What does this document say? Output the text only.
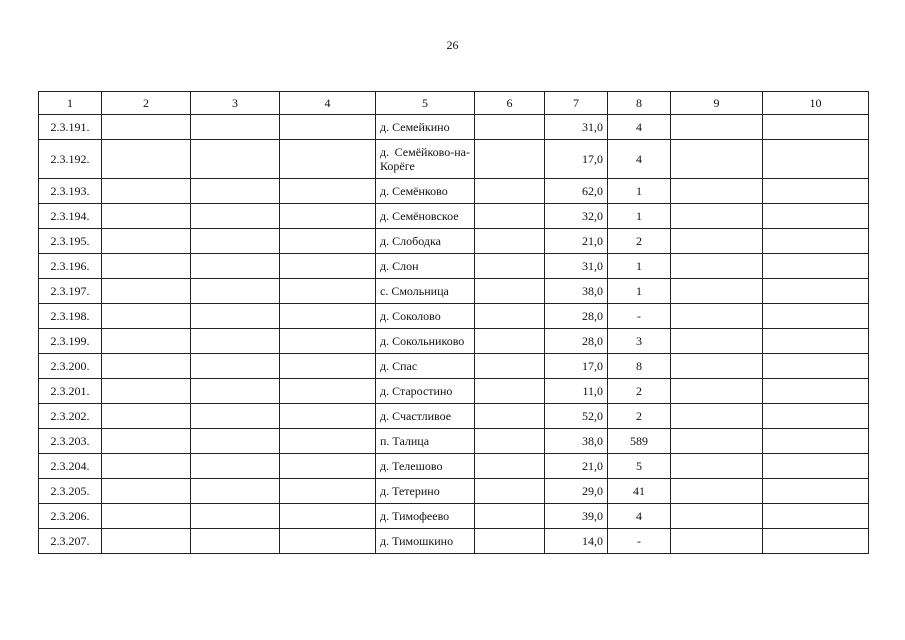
26
1	2	3	4	5	6	7	8	9	10
2.3.191.				д. Семейкино		31,0	4		
2.3.192.				д. Семёйково-на-Корёге		17,0	4		
2.3.193.				д. Семёнково		62,0	1		
2.3.194.				д. Семёновское		32,0	1		
2.3.195.				д. Слободка		21,0	2		
2.3.196.				д. Слон		31,0	1		
2.3.197.				с. Смольница		38,0	1		
2.3.198.				д. Соколово		28,0	-		
2.3.199.				д. Сокольниково		28,0	3		
2.3.200.				д. Спас		17,0	8		
2.3.201.				д. Старостино		11,0	2		
2.3.202.				д. Счастливое		52,0	2		
2.3.203.				п. Талица		38,0	589		
2.3.204.				д. Телешово		21,0	5		
2.3.205.				д. Тетерино		29,0	41		
2.3.206.				д. Тимофеево		39,0	4		
2.3.207.				д. Тимошкино		14,0	-		
